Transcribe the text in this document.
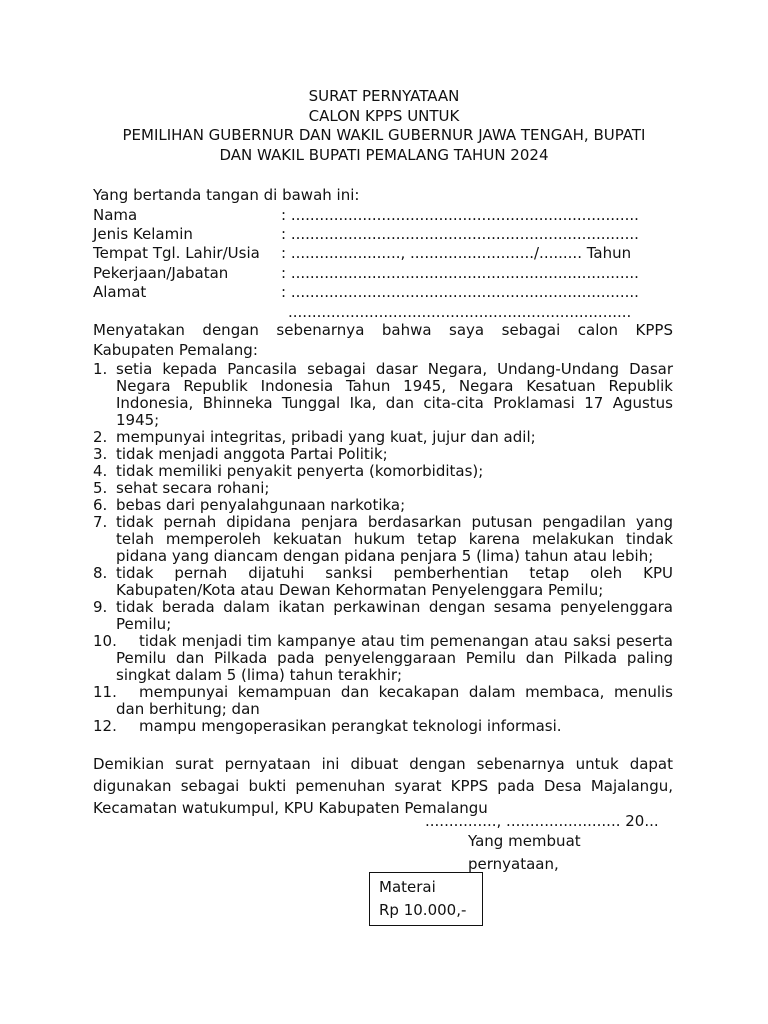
SURAT PERNYATAAN
CALON KPPS UNTUK
PEMILIHAN GUBERNUR DAN WAKIL GUBERNUR JAWA TENGAH, BUPATI
DAN WAKIL BUPATI PEMALANG TAHUN 2024
Yang bertanda tangan di bawah ini:
Nama	: .........................................................................
Jenis Kelamin	: .........................................................................
Tempat Tgl. Lahir/Usia : ......................., ........................../......... Tahun
Pekerjaan/Jabatan	: .........................................................................
Alamat	: .........................................................................
........................................................................
Menyatakan dengan sebenarnya bahwa saya sebagai calon KPPS
Kabupaten Pemalang:
1. setia kepada Pancasila sebagai dasar Negara, Undang-Undang Dasar Negara Republik Indonesia Tahun 1945, Negara Kesatuan Republik Indonesia, Bhinneka Tunggal Ika, dan cita-cita Proklamasi 17 Agustus 1945;
2. mempunyai integritas, pribadi yang kuat, jujur dan adil;
3. tidak menjadi anggota Partai Politik;
4. tidak memiliki penyakit penyerta (komorbiditas);
5. sehat secara rohani;
6. bebas dari penyalahgunaan narkotika;
7. tidak pernah dipidana penjara berdasarkan putusan pengadilan yang telah memperoleh kekuatan hukum tetap karena melakukan tindak pidana yang diancam dengan pidana penjara 5 (lima) tahun atau lebih;
8. tidak pernah dijatuhi sanksi pemberhentian tetap oleh KPU Kabupaten/Kota atau Dewan Kehormatan Penyelenggara Pemilu;
9. tidak berada dalam ikatan perkawinan dengan sesama penyelenggara Pemilu;
10. tidak menjadi tim kampanye atau tim pemenangan atau saksi peserta Pemilu dan Pilkada pada penyelenggaraan Pemilu dan Pilkada paling singkat dalam 5 (lima) tahun terakhir;
11. mempunyai kemampuan dan kecakapan dalam membaca, menulis dan berhitung; dan
12. mampu mengoperasikan perangkat teknologi informasi.
Demikian surat pernyataan ini dibuat dengan sebenarnya untuk dapat
digunakan sebagai bukti pemenuhan syarat KPPS pada Desa Majalangu,
Kecamatan watukumpul, KPU Kabupaten Pemalangu
..............., ........................ 20...
Yang membuat
pernyataan,
Materai
Rp 10.000,-
